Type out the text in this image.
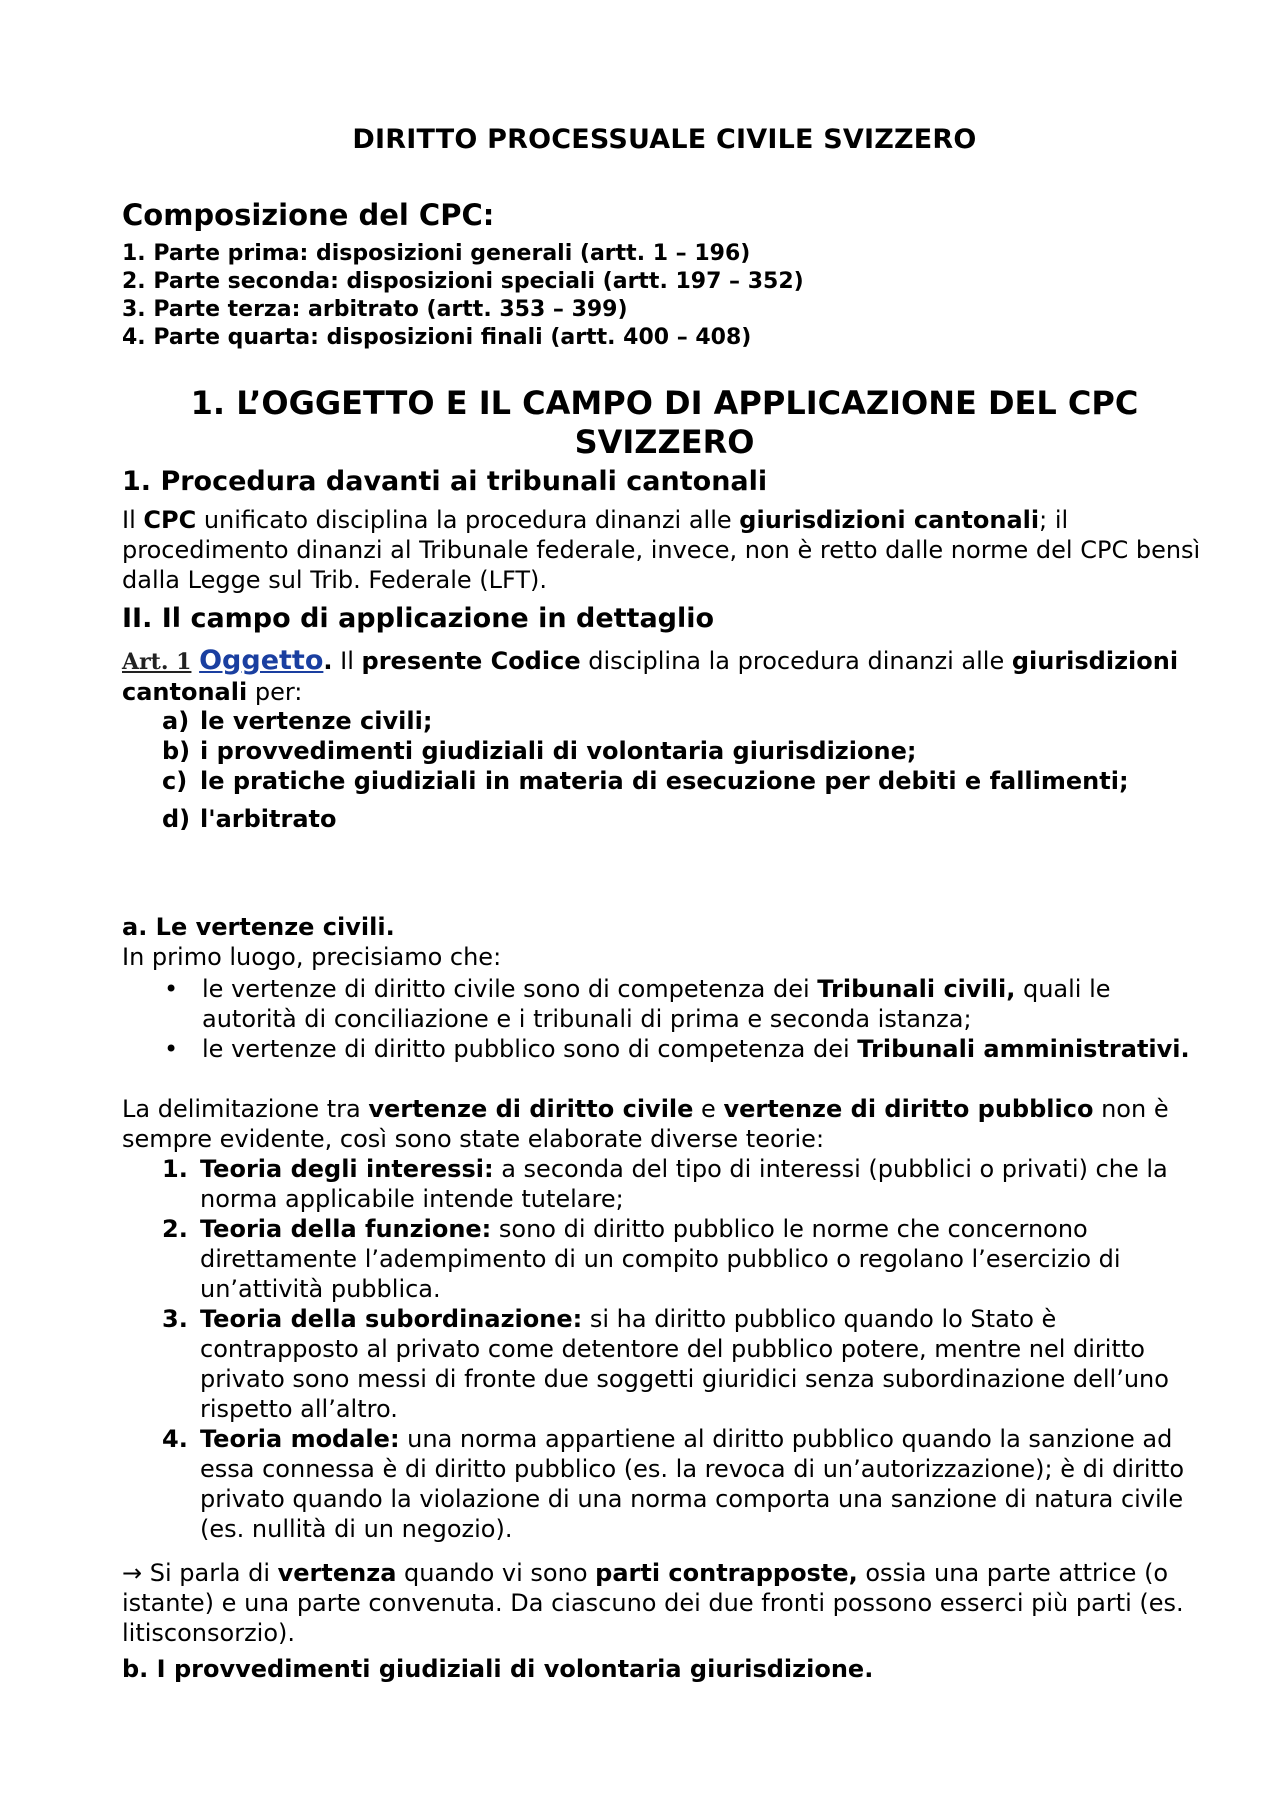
DIRITTO PROCESSUALE CIVILE SVIZZERO
Composizione del CPC:
1. Parte prima: disposizioni generali (artt. 1 – 196)
2. Parte seconda: disposizioni speciali (artt. 197 – 352)
3. Parte terza: arbitrato (artt. 353 – 399)
4. Parte quarta: disposizioni finali (artt. 400 – 408)
1. L’OGGETTO E IL CAMPO DI APPLICAZIONE DEL CPC SVIZZERO
1. Procedura davanti ai tribunali cantonali
Il CPC unificato disciplina la procedura dinanzi alle giurisdizioni cantonali; il procedimento dinanzi al Tribunale federale, invece, non è retto dalle norme del CPC bensì dalla Legge sul Trib. Federale (LFT).
II. Il campo di applicazione in dettaglio
Art. 1 Oggetto. Il presente Codice disciplina la procedura dinanzi alle giurisdizioni cantonali per:
a) le vertenze civili;
b) i provvedimenti giudiziali di volontaria giurisdizione;
c) le pratiche giudiziali in materia di esecuzione per debiti e fallimenti;
d) l'arbitrato
a. Le vertenze civili.
In primo luogo, precisiamo che:
• le vertenze di diritto civile sono di competenza dei Tribunali civili, quali le autorità di conciliazione e i tribunali di prima e seconda istanza;
• le vertenze di diritto pubblico sono di competenza dei Tribunali amministrativi.
La delimitazione tra vertenze di diritto civile e vertenze di diritto pubblico non è sempre evidente, così sono state elaborate diverse teorie:
1. Teoria degli interessi: a seconda del tipo di interessi (pubblici o privati) che la norma applicabile intende tutelare;
2. Teoria della funzione: sono di diritto pubblico le norme che concernono direttamente l’adempimento di un compito pubblico o regolano l’esercizio di un’attività pubblica.
3. Teoria della subordinazione: si ha diritto pubblico quando lo Stato è contrapposto al privato come detentore del pubblico potere, mentre nel diritto privato sono messi di fronte due soggetti giuridici senza subordinazione dell’uno rispetto all’altro.
4. Teoria modale: una norma appartiene al diritto pubblico quando la sanzione ad essa connessa è di diritto pubblico (es. la revoca di un’autorizzazione); è di diritto privato quando la violazione di una norma comporta una sanzione di natura civile (es. nullità di un negozio).
→ Si parla di vertenza quando vi sono parti contrapposte, ossia una parte attrice (o istante) e una parte convenuta. Da ciascuno dei due fronti possono esserci più parti (es. litisconsorzio).
b. I provvedimenti giudiziali di volontaria giurisdizione.
